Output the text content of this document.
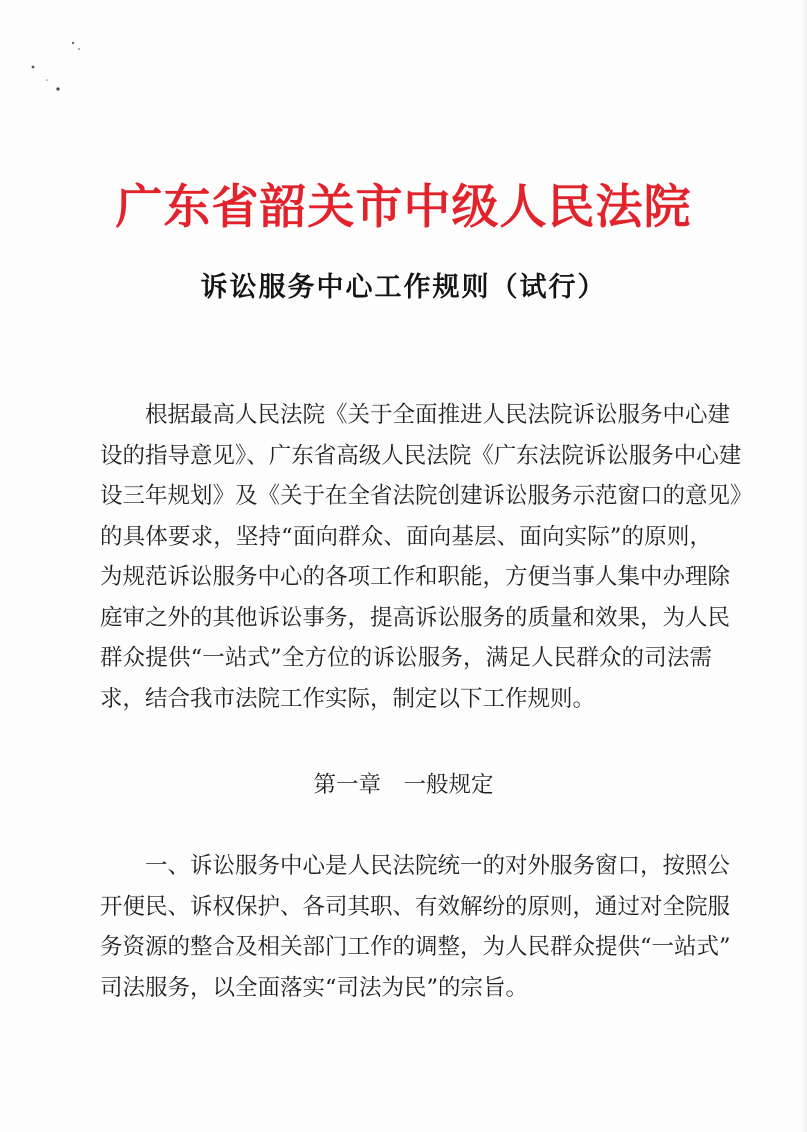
广东省韶关市中级人民法院
诉讼服务中心工作规则（试行）
　　根据最高人民法院《关于全面推进人民法院诉讼服务中心建
设的指导意见》、广东省高级人民法院《广东法院诉讼服务中心建
设三年规划》及《关于在全省法院创建诉讼服务示范窗口的意见》
的具体要求，坚持“面向群众、面向基层、面向实际”的原则，
为规范诉讼服务中心的各项工作和职能，方便当事人集中办理除
庭审之外的其他诉讼事务，提高诉讼服务的质量和效果，为人民
群众提供“一站式”全方位的诉讼服务，满足人民群众的司法需
求，结合我市法院工作实际，制定以下工作规则。
第一章　一般规定
　　一、诉讼服务中心是人民法院统一的对外服务窗口，按照公
开便民、诉权保护、各司其职、有效解纷的原则，通过对全院服
务资源的整合及相关部门工作的调整，为人民群众提供“一站式”
司法服务，以全面落实“司法为民”的宗旨。
